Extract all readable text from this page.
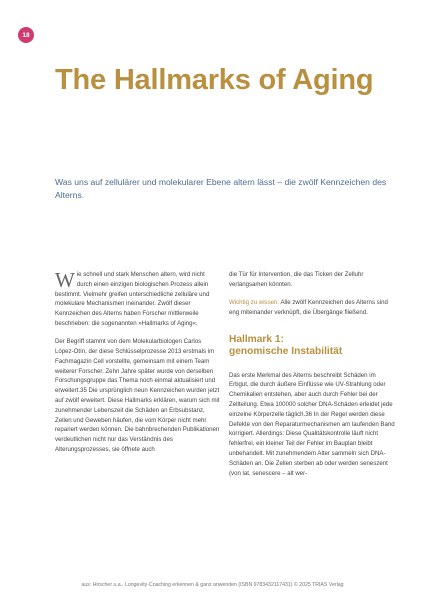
18
The Hallmarks of Aging

Was uns auf zellulärer und molekularer Ebene altern lässt – die zwölf Kennzeichen des Alterns.

Wie schnell und stark Menschen altern, wird nicht durch einen einzigen biologischen Prozess allein bestimmt. Vielmehr greifen unterschiedliche zelluläre und molekulare Mechanismen ineinander. Zwölf dieser Kennzeichen des Alterns haben Forscher mittlerweile beschrieben: die sogenannten »Hallmarks of Aging«.

Der Begriff stammt von dem Molekularbiologen Carlos López-Otín, der diese Schlüsselprozesse 2013 erstmals im Fachmagazin Cell vorstellte, gemeinsam mit einem Team weiterer Forscher. Zehn Jahre später wurde von derselben Forschungsgruppe das Thema noch einmal aktualisiert und erweitert.35 Die ursprünglich neun Kennzeichen wurden jetzt auf zwölf erweitert. Diese Hallmarks erklären, warum sich mit zunehmender Lebenszeit die Schäden an Erbsubstanz, Zellen und Geweben häufen, die vom Körper nicht mehr repariert werden können. Die bahnbrechenden Publikationen verdeutlichen nicht nur das Verständnis des Alterungsprozesses, sie öffnete auch

die Tür für Intervention, die das Ticken der Zelluhr verlangsamen könnten.

Wichtig zu wissen: Alle zwölf Kennzeichen des Alterns sind eng miteinander verknüpft, die Übergänge fließend.

Hallmark 1:
genomische Instabilität

Das erste Merkmal des Alterns beschreibt Schäden im Erbgut, die durch äußere Einflüsse wie UV-Strahlung oder Chemikalien entstehen, aber auch durch Fehler bei der Zellteilung. Etwa 100000 solcher DNA-Schäden erleidet jede einzelne Körperzelle täglich.36 In der Regel werden diese Defekte von den Reparaturmechanismen am laufenden Band korrigiert. Allerdings: Diese Qualitätskontrolle läuft nicht fehlerfrei, ein kleiner Teil der Fehler im Bauplan bleibt unbehandelt. Mit zunehmendem Alter sammeln sich DNA-Schäden an. Die Zellen sterben ab oder werden seneszent (von lat. senescere – alt wer-

aus: Hirscher u.a., Longevity-Coaching erkennen & ganz anwenden (ISBN 9783432117431) © 2025 TRIAS Verlag
